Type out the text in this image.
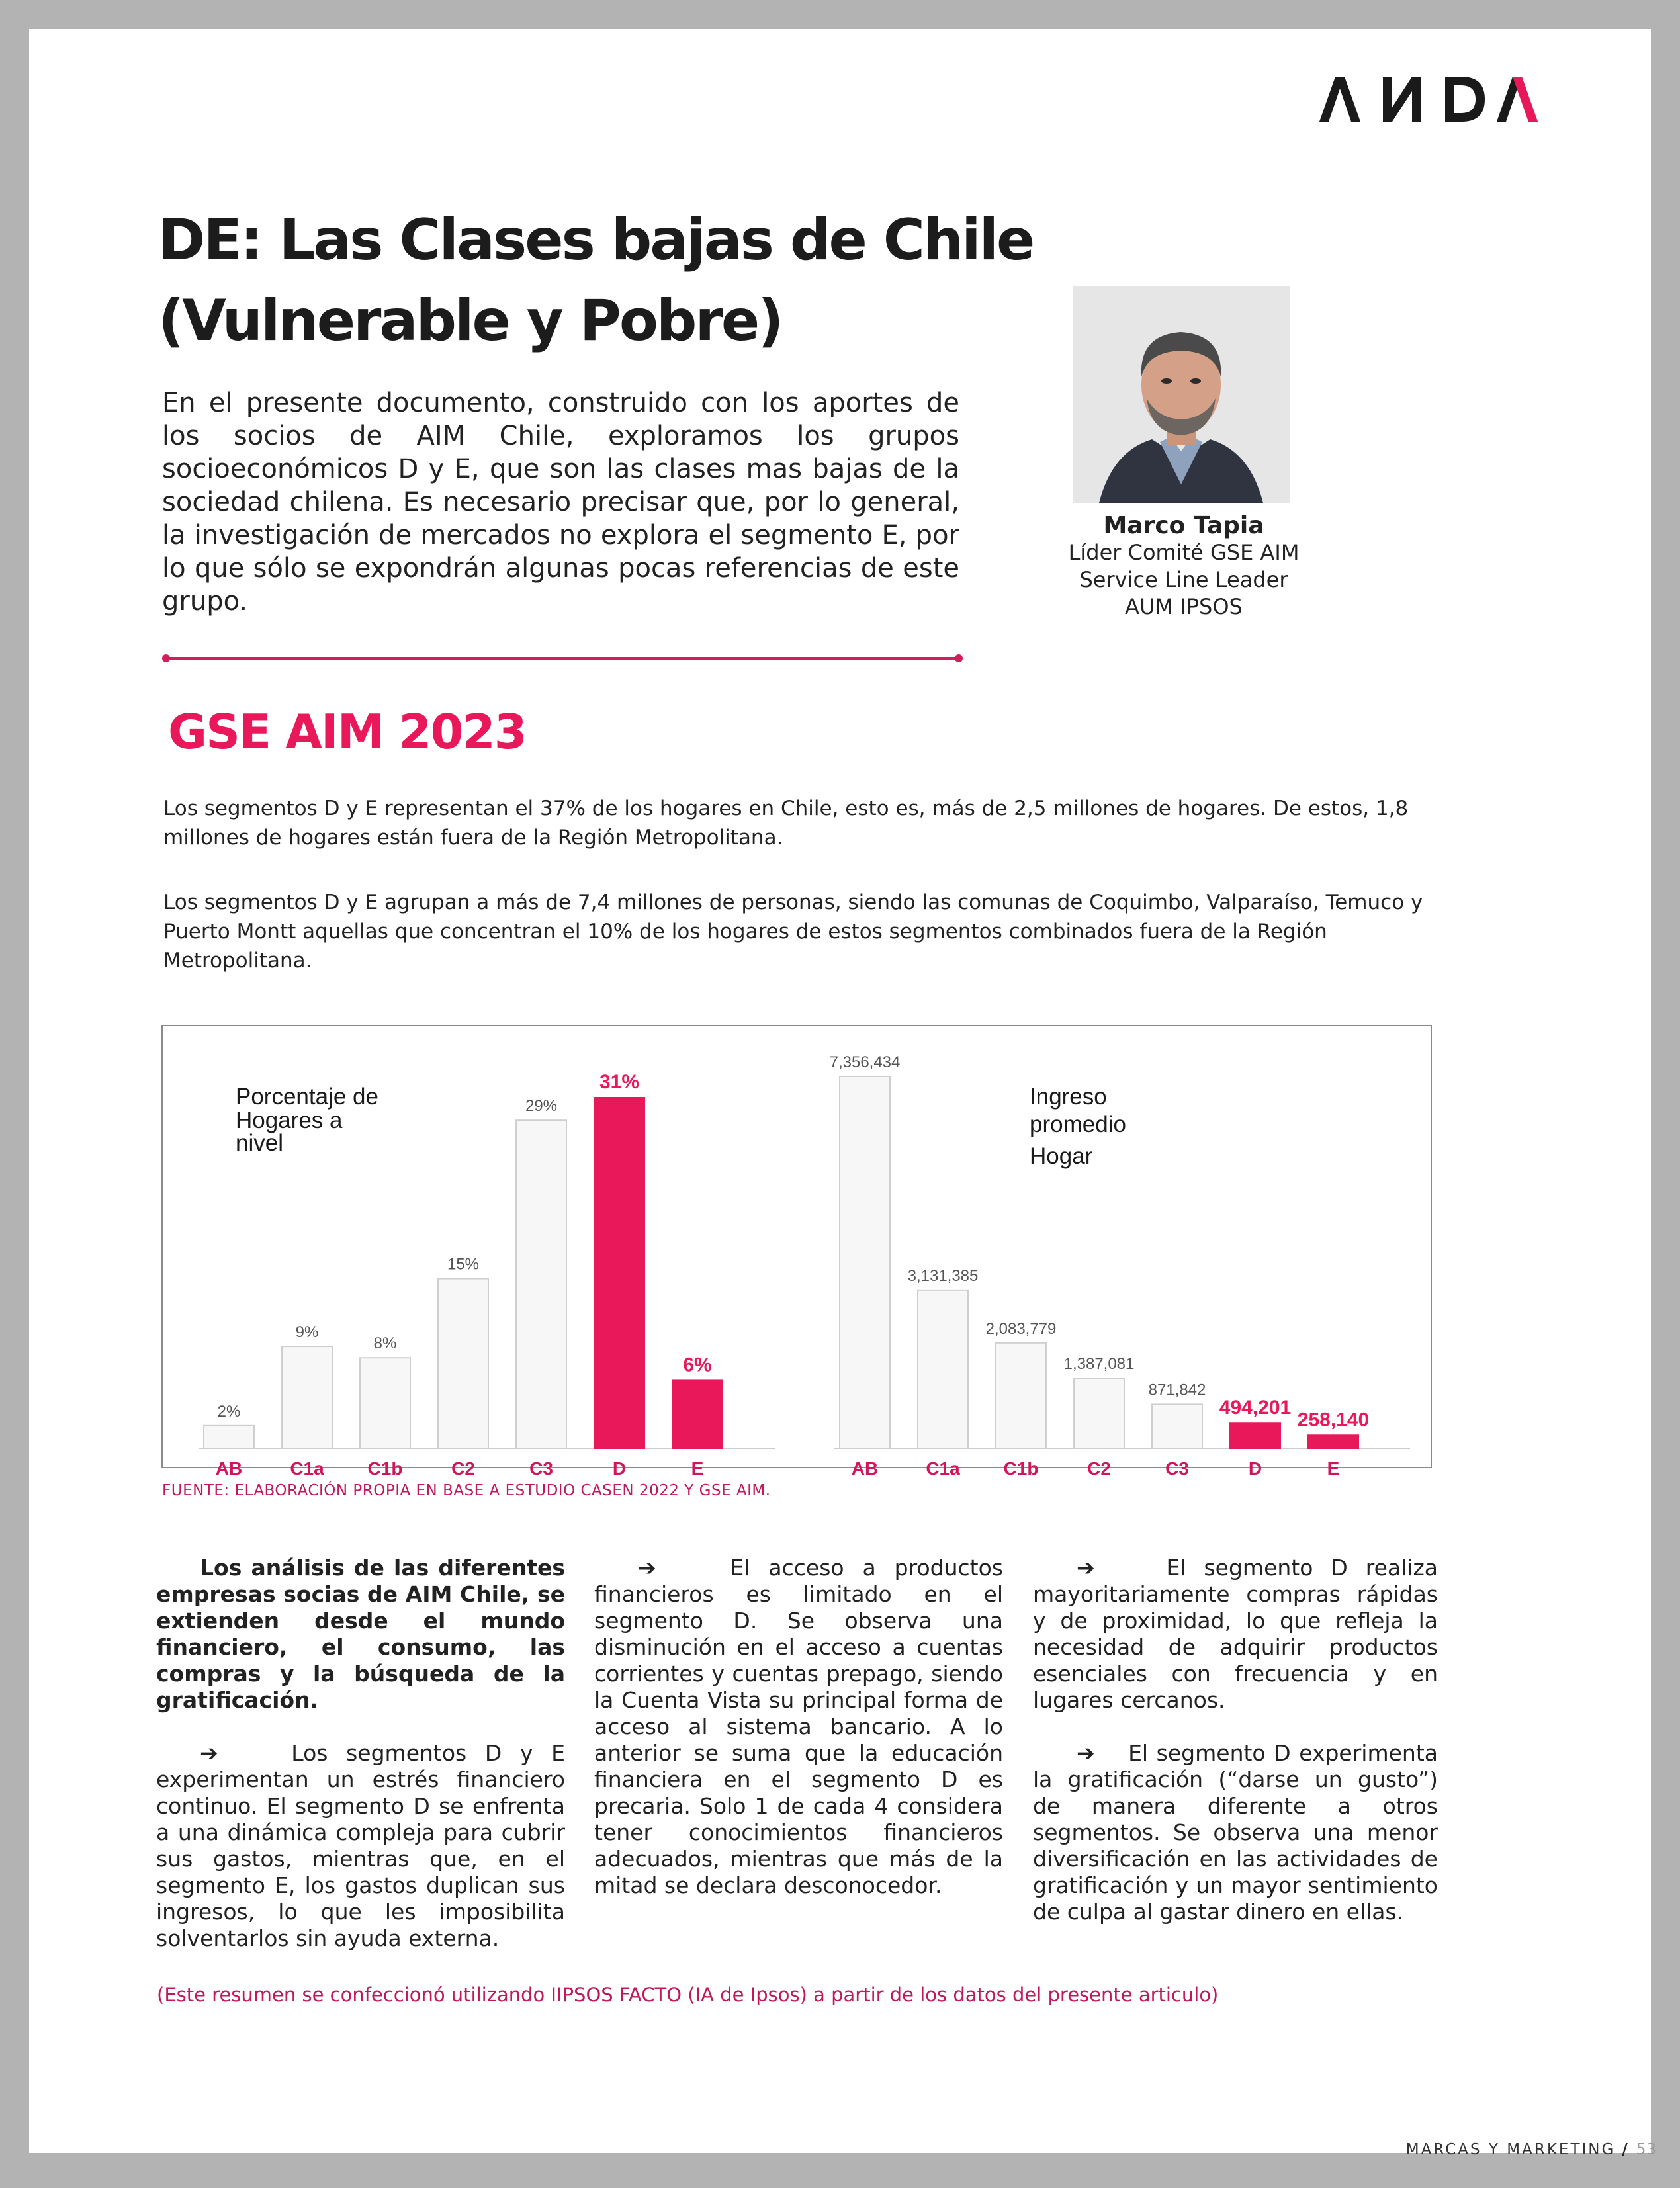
DE: Las Clases bajas de Chile (Vulnerable y Pobre)

En el presente documento, construido con los aportes de los socios de AIM Chile, exploramos los grupos socioeconómicos D y E, que son las clases mas bajas de la sociedad chilena. Es necesario precisar que, por lo general, la investigación de mercados no explora el segmento E, por lo que sólo se expondrán algunas pocas referencias de este grupo.

Marco Tapia
Líder Comité GSE AIM
Service Line Leader
AUM IPSOS
GSE AIM 2023

Los segmentos D y E representan el 37% de los hogares en Chile, esto es, más de 2,5 millones de hogares. De estos, 1,8 millones de hogares están fuera de la Región Metropolitana.

Los segmentos D y E agrupan a más de 7,4 millones de personas, siendo las comunas de Coquimbo, Valparaíso, Temuco y Puerto Montt aquellas que concentran el 10% de los hogares de estos segmentos combinados fuera de la Región Metropolitana.

2%
AB
9%
C1a
8%
C1b
15%
C2
29%
C3
31%
D
6%
E
Porcentaje de
Hogares a
nivel
7,356,434
AB
3,131,385
C1a
2,083,779
C1b
1,387,081
C2
871,842
C3
494,201
D
258,140
E
Ingreso
promedio
Hogar

FUENTE: ELABORACIÓN PROPIA EN BASE A ESTUDIO CASEN 2022 Y GSE AIM.

Los análisis de las diferentes empresas socias de AIM Chile, se extienden desde el mundo financiero, el consumo, las compras y la búsqueda de la gratificación.

➔	Los segmentos D y E experimentan un estrés financiero continuo. El segmento D se enfrenta a una dinámica compleja para cubrir sus gastos, mientras que, en el segmento E, los gastos duplican sus ingresos, lo que les imposibilita solventarlos sin ayuda externa.

➔	El acceso a productos financieros es limitado en el segmento D. Se observa una disminución en el acceso a cuentas corrientes y cuentas prepago, siendo la Cuenta Vista su principal forma de acceso al sistema bancario. A lo anterior se suma que la educación financiera en el segmento D es precaria. Solo 1 de cada 4 considera tener conocimientos financieros adecuados, mientras que más de la mitad se declara desconocedor.

➔	El segmento D realiza mayoritariamente compras rápidas y de proximidad, lo que refleja la necesidad de adquirir productos esenciales con frecuencia y en lugares cercanos.

➔ El segmento D experimenta la gratificación (“darse un gusto”) de manera diferente a otros segmentos. Se observa una menor diversificación en las actividades de gratificación y un mayor sentimiento de culpa al gastar dinero en ellas.

(Este resumen se confeccionó utilizando IIPSOS FACTO (IA de Ipsos) a partir de los datos del presente articulo)

MARCAS Y MARKETING / 53
